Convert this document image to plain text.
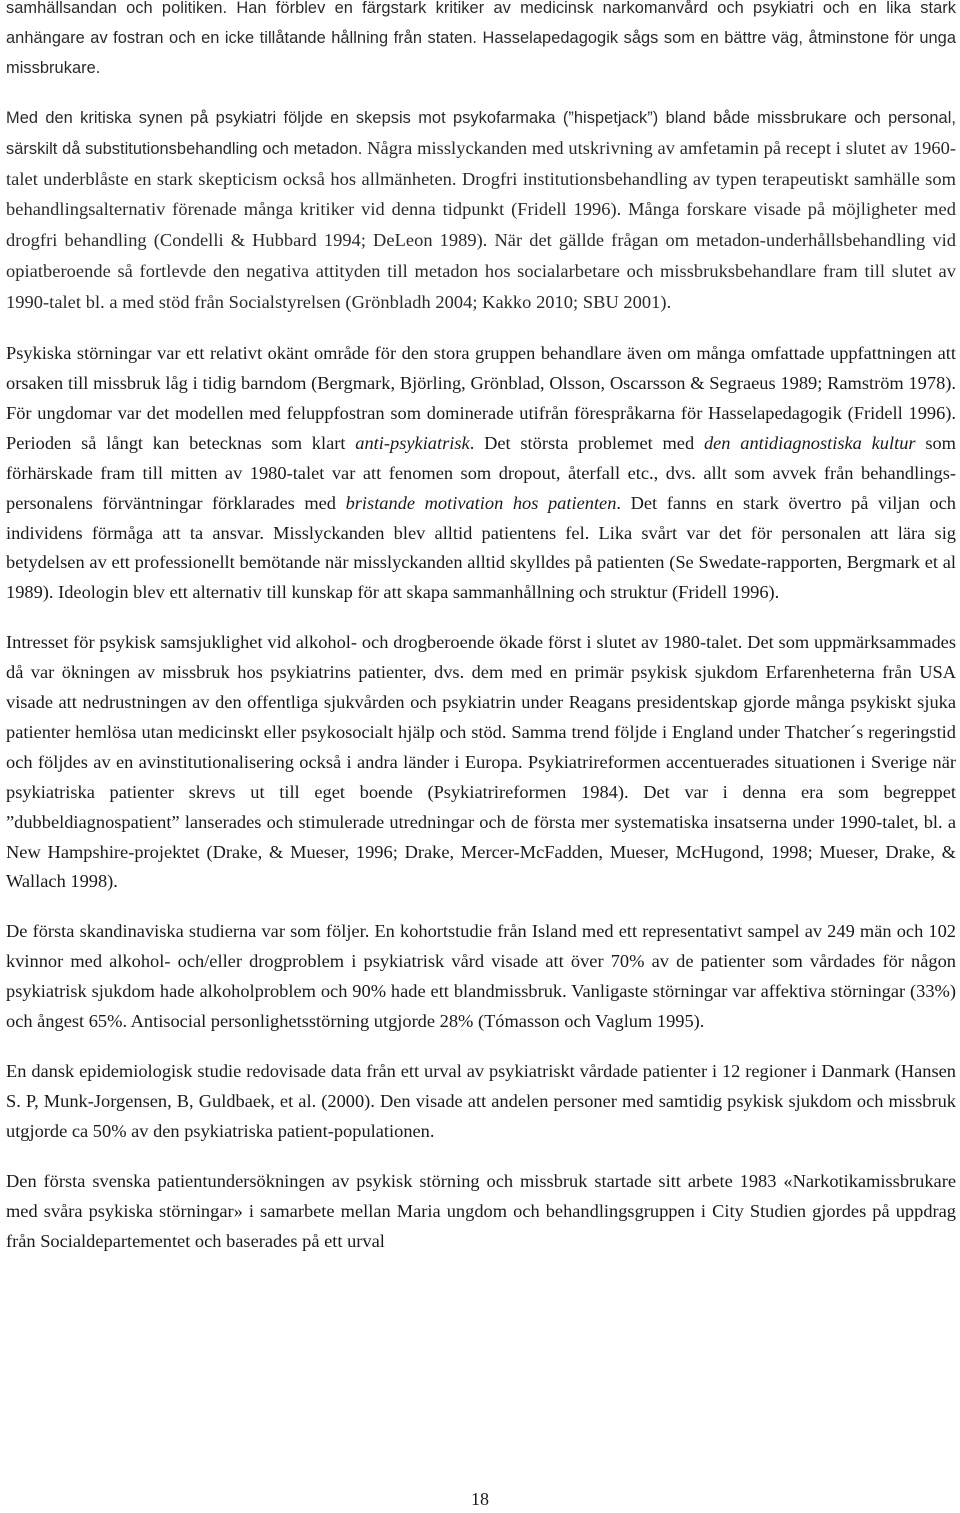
samhällsandan och politiken. Han förblev en färgstark kritiker av medicinsk narkomanvård och psykiatri och en lika stark anhängare av fostran och en icke tillåtande hållning från staten. Hasselapedagogik sågs som en bättre väg, åtminstone för unga missbrukare.

Med den kritiska synen på psykiatri följde en skepsis mot psykofarmaka (”hispetjack”) bland både missbrukare och personal, särskilt då substitutionsbehandling och metadon. Några misslyckanden med utskrivning av amfetamin på recept i slutet av 1960-talet underblåste en stark skepticism också hos allmänheten. Drogfri institutionsbehandling av typen terapeutiskt samhälle som behandlingsalternativ förenade många kritiker vid denna tidpunkt (Fridell 1996). Många forskare visade på möjligheter med drogfri behandling (Condelli & Hubbard 1994; DeLeon 1989). När det gällde frågan om metadon-underhållsbehandling vid opiatberoende så fortlevde den negativa attityden till metadon hos socialarbetare och missbruksbehandlare fram till slutet av 1990-talet bl. a med stöd från Socialstyrelsen (Grönbladh 2004; Kakko 2010; SBU 2001).

Psykiska störningar var ett relativt okänt område för den stora gruppen behandlare även om många omfattade uppfattningen att orsaken till missbruk låg i tidig barndom (Bergmark, Björling, Grönblad, Olsson, Oscarsson & Segraeus 1989; Ramström 1978). För ungdomar var det modellen med feluppfostran som dominerade utifrån förespråkarna för Hasselapedagogik (Fridell 1996). Perioden så långt kan betecknas som klart anti-psykiatrisk. Det största problemet med den antidiagnostiska kultur som förhärskade fram till mitten av 1980-talet var att fenomen som dropout, återfall etc., dvs. allt som avvek från behandlings-personalens förväntningar förklarades med bristande motivation hos patienten. Det fanns en stark övertro på viljan och individens förmåga att ta ansvar. Misslyckanden blev alltid patientens fel. Lika svårt var det för personalen att lära sig betydelsen av ett professionellt bemötande när misslyckanden alltid skylldes på patienten (Se Swedate-rapporten, Bergmark et al 1989). Ideologin blev ett alternativ till kunskap för att skapa sammanhållning och struktur (Fridell 1996).

Intresset för psykisk samsjuklighet vid alkohol- och drogberoende ökade först i slutet av 1980-talet. Det som uppmärksammades då var ökningen av missbruk hos psykiatrins patienter, dvs. dem med en primär psykisk sjukdom Erfarenheterna från USA visade att nedrustningen av den offentliga sjukvården och psykiatrin under Reagans presidentskap gjorde många psykiskt sjuka patienter hemlösa utan medicinskt eller psykosocialt hjälp och stöd. Samma trend följde i England under Thatcher´s regeringstid och följdes av en avinstitutionalisering också i andra länder i Europa. Psykiatrireformen accentuerades situationen i Sverige när psykiatriska patienter skrevs ut till eget boende (Psykiatrireformen 1984). Det var i denna era som begreppet ”dubbeldiagnospatient” lanserades och stimulerade utredningar och de första mer systematiska insatserna under 1990-talet, bl. a New Hampshire-projektet (Drake, & Mueser, 1996; Drake, Mercer-McFadden, Mueser, McHugond, 1998; Mueser, Drake, & Wallach 1998).

De första skandinaviska studierna var som följer. En kohortstudie från Island med ett representativt sampel av 249 män och 102 kvinnor med alkohol- och/eller drogproblem i psykiatrisk vård visade att över 70% av de patienter som vårdades för någon psykiatrisk sjukdom hade alkoholproblem och 90% hade ett blandmissbruk. Vanligaste störningar var affektiva störningar (33%) och ångest 65%. Antisocial personlighetsstörning utgjorde 28% (Tómasson och Vaglum 1995).

En dansk epidemiologisk studie redovisade data från ett urval av psykiatriskt vårdade patienter i 12 regioner i Danmark (Hansen S. P, Munk-Jorgensen, B, Guldbaek, et al. (2000). Den visade att andelen personer med samtidig psykisk sjukdom och missbruk utgjorde ca 50% av den psykiatriska patient-populationen.

Den första svenska patientundersökningen av psykisk störning och missbruk startade sitt arbete 1983 «Narkotikamissbrukare med svåra psykiska störningar» i samarbete mellan Maria ungdom och behandlingsgruppen i City Studien gjordes på uppdrag från Socialdepartementet och baserades på ett urval

18
